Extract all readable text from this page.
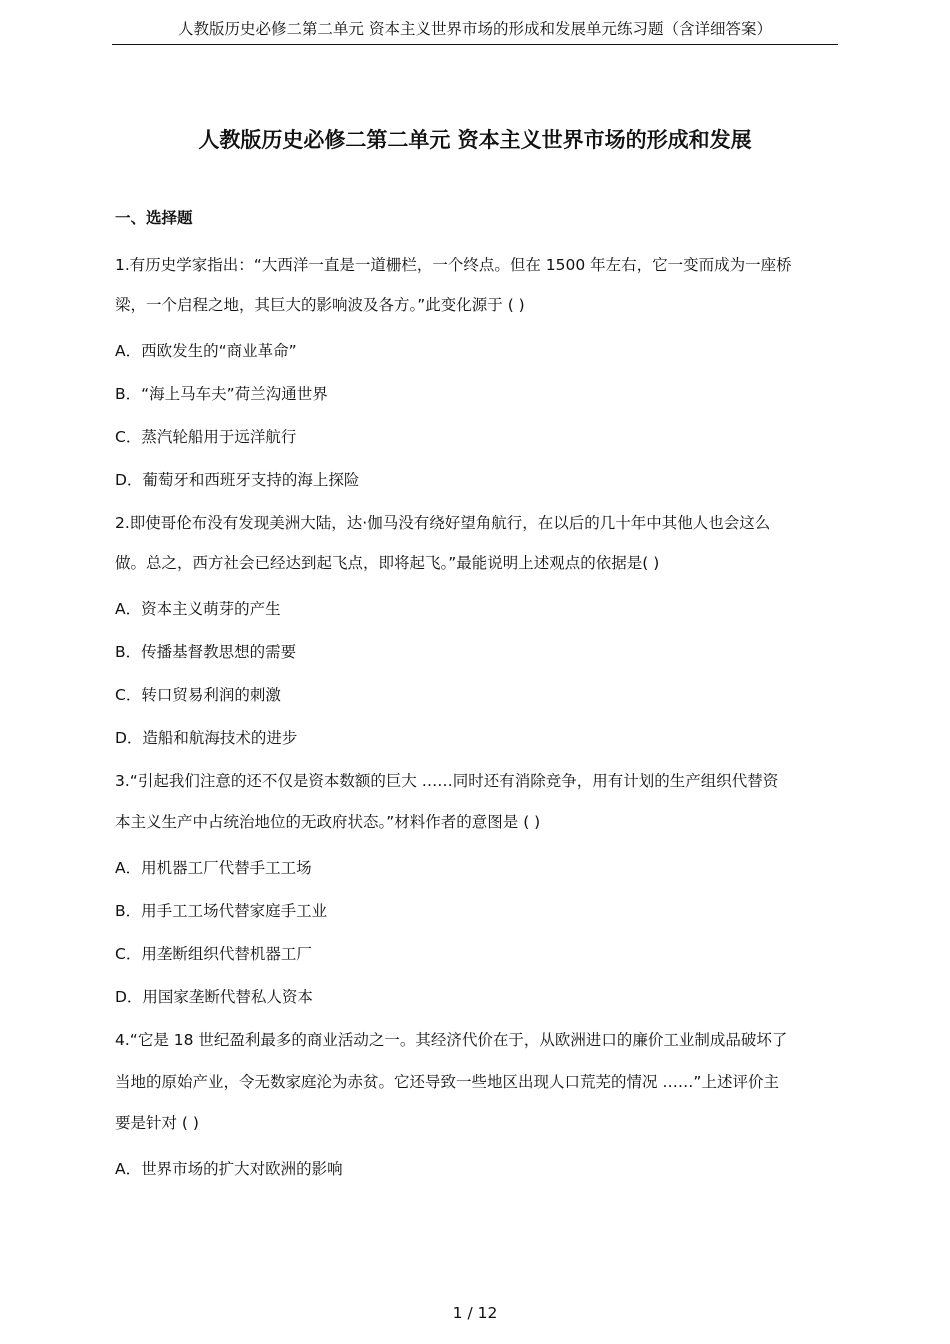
人教版历史必修二第二单元 资本主义世界市场的形成和发展单元练习题（含详细答案）
人教版历史必修二第二单元 资本主义世界市场的形成和发展
一、选择题
1.有历史学家指出：“大西洋一直是一道栅栏，一个终点。但在 1500 年左右，它一变而成为一座桥
梁，一个启程之地，其巨大的影响波及各方。”此变化源于 ( )
A．西欧发生的“商业革命”
B．“海上马车夫”荷兰沟通世界
C．蒸汽轮船用于远洋航行
D．葡萄牙和西班牙支持的海上探险
2.即使哥伦布没有发现美洲大陆，达·伽马没有绕好望角航行，在以后的几十年中其他人也会这么
做。总之，西方社会已经达到起飞点，即将起飞。”最能说明上述观点的依据是( )
A．资本主义萌芽的产生
B．传播基督教思想的需要
C．转口贸易利润的刺激
D．造船和航海技术的进步
3.“引起我们注意的还不仅是资本数额的巨大 ……同时还有消除竞争，用有计划的生产组织代替资
本主义生产中占统治地位的无政府状态。”材料作者的意图是 ( )
A．用机器工厂代替手工工场
B．用手工工场代替家庭手工业
C．用垄断组织代替机器工厂
D．用国家垄断代替私人资本
4.“它是 18 世纪盈利最多的商业活动之一。其经济代价在于，从欧洲进口的廉价工业制成品破坏了
当地的原始产业，令无数家庭沦为赤贫。它还导致一些地区出现人口荒芜的情况 ……”上述评价主
要是针对 ( )
A．世界市场的扩大对欧洲的影响
1 / 12
